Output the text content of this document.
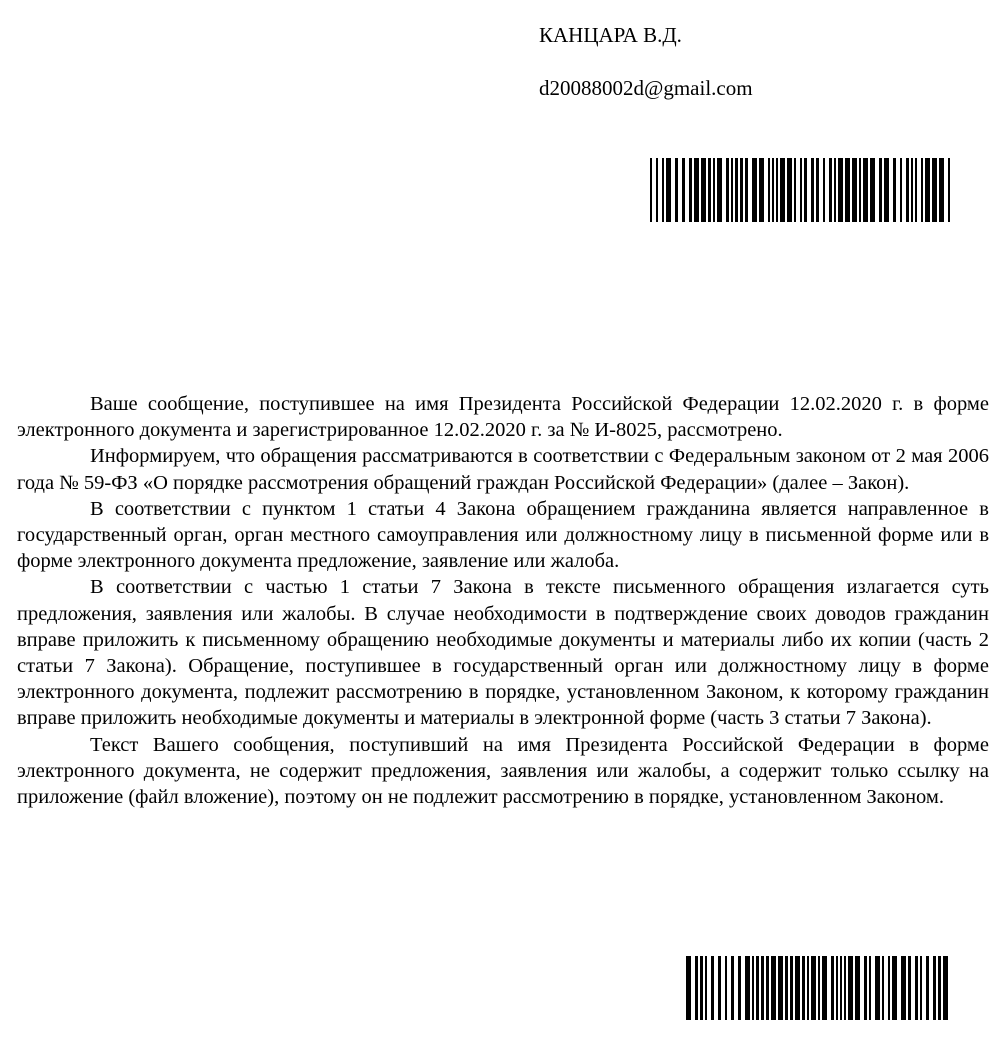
КАНЦАРА В.Д.
d20088002d@gmail.com

Ваше сообщение, поступившее на имя Президента Российской Федерации 12.02.2020 г. в форме электронного документа и зарегистрированное 12.02.2020 г. за № И-8025, рассмотрено.

Информируем, что обращения рассматриваются в соответствии с Федеральным законом от 2 мая 2006 года № 59-ФЗ «О порядке рассмотрения обращений граждан Российской Федерации» (далее – Закон).

В соответствии с пунктом 1 статьи 4 Закона обращением гражданина является направленное в государственный орган, орган местного самоуправления или должностному лицу в письменной форме или в форме электронного документа предложение, заявление или жалоба.

В соответствии с частью 1 статьи 7 Закона в тексте письменного обращения излагается суть предложения, заявления или жалобы. В случае необходимости в подтверждение своих доводов гражданин вправе приложить к письменному обращению необходимые документы и материалы либо их копии (часть 2 статьи 7 Закона). Обращение, поступившее в государственный орган или должностному лицу в форме электронного документа, подлежит рассмотрению в порядке, установленном Законом, к которому гражданин вправе приложить необходимые документы и материалы в электронной форме (часть 3 статьи 7 Закона).

Текст Вашего сообщения, поступивший на имя Президента Российской Федерации в форме электронного документа, не содержит предложения, заявления или жалобы, а содержит только ссылку на приложение (файл вложение), поэтому он не подлежит рассмотрению в порядке, установленном Законом.
